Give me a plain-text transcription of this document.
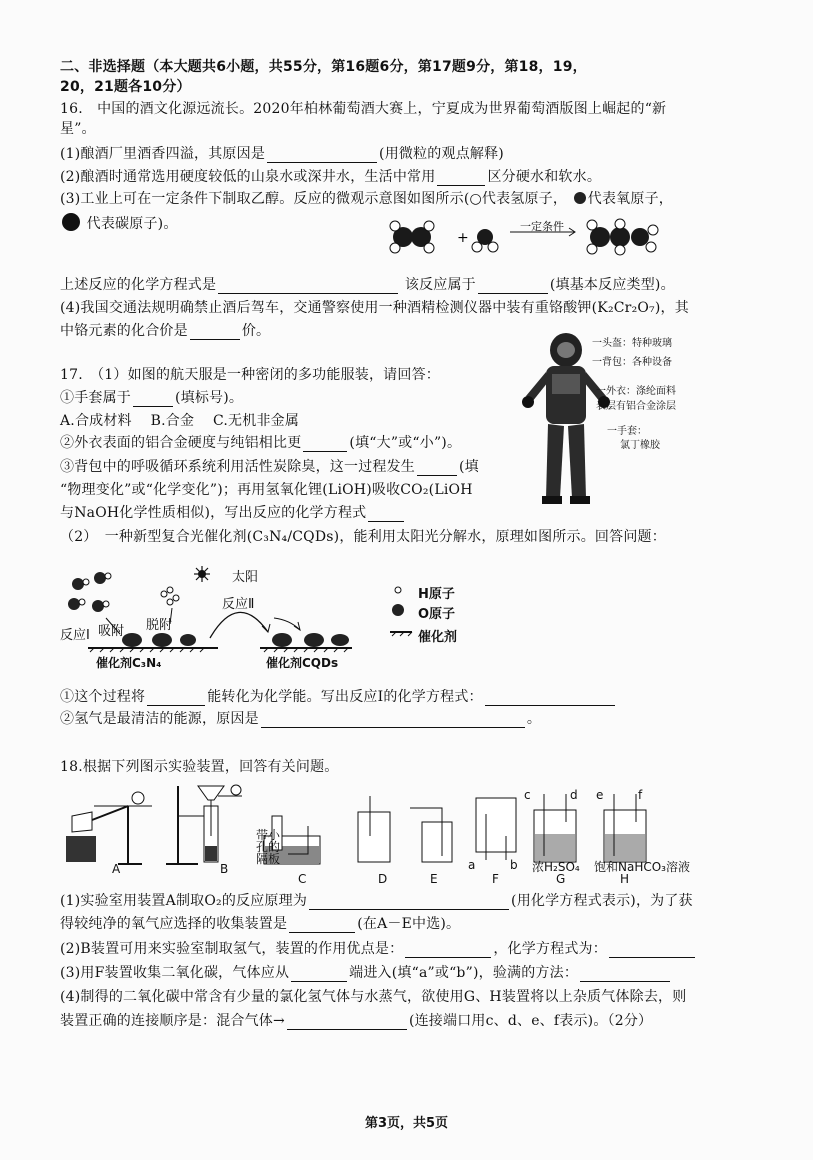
二、非选择题（本大题共6小题，共55分，第16题6分，第17题9分，第18，19，
20，21题各10分）
16.　中国的酒文化源远流长。2020年柏林葡萄酒大赛上，宁夏成为世界葡萄酒版图上崛起的“新
星”。
(1)酿酒厂里酒香四溢，其原因是	(用微粒的观点解释)
(2)酿酒时通常选用硬度较低的山泉水或深井水，生活中常用	区分硬水和软水。
(3)工业上可在一定条件下制取乙醇。反应的微观示意图如图所示(○代表氢原子， 代表氧原子，
代表碳原子)。
+
一定条件
上述反应的化学方程式是	该反应属于	(填基本反应类型)。
(4)我国交通法规明确禁止酒后驾车，交通警察使用一种酒精检测仪器中装有重铬酸钾(K₂Cr₂O₇)，其
中铬元素的化合价是	价。
17.　（1）如图的航天服是一种密闭的多功能服装，请回答：
①手套属于	(填标号)。
A.合成材料　 B.合金　 C.无机非金属
②外衣表面的铝合金硬度与纯铝相比更	(填“大”或“小”)。
③背包中的呼吸循环系统利用活性炭除臭，这一过程发生	(填
“物理变化”或“化学变化”)；再用氢氧化锂(LiOH)吸收CO₂(LiOH
与NaOH化学性质相似)，写出反应的化学方程式
一头盔：特种玻璃
一背包：各种设备
一外衣：涤纶面料
表层有铝合金涂层
一手套：
氯丁橡胶
（2）　一种新型复合光催化剂(C₃N₄/CQDs)，能利用太阳光分解水，原理如图所示。回答问题：
太阳
反应Ⅱ
反应Ⅰ 吸附 脱附
催化剂C₃N₄	催化剂CQDs
H原子
O原子
催化剂
①这个过程将	能转化为化学能。写出反应Ⅰ的化学方程式：
②氢气是最清洁的能源，原因是	。
18.根据下列图示实验装置，回答有关问题。
A	B
C	D	E	F	G	H
带小
孔的
隔板
浓H₂SO₄ 饱和NaHCO₃溶液
c	d e	f
a	b
(1)实验室用装置A制取O₂的反应原理为	(用化学方程式表示)，为了获
得较纯净的氧气应选择的收集装置是	(在A－E中选)。
(2)B装置可用来实验室制取氢气，装置的作用优点是：	，化学方程式为：
(3)用F装置收集二氧化碳，气体应从	端进入(填“a”或“b”)，验满的方法：
(4)制得的二氧化碳中常含有少量的氯化氢气体与水蒸气，欲使用G、H装置将以上杂质气体除去，则
装置正确的连接顺序是：混合气体→	(连接端口用c、d、e、f表示)。（2分）
第3页，共5页
